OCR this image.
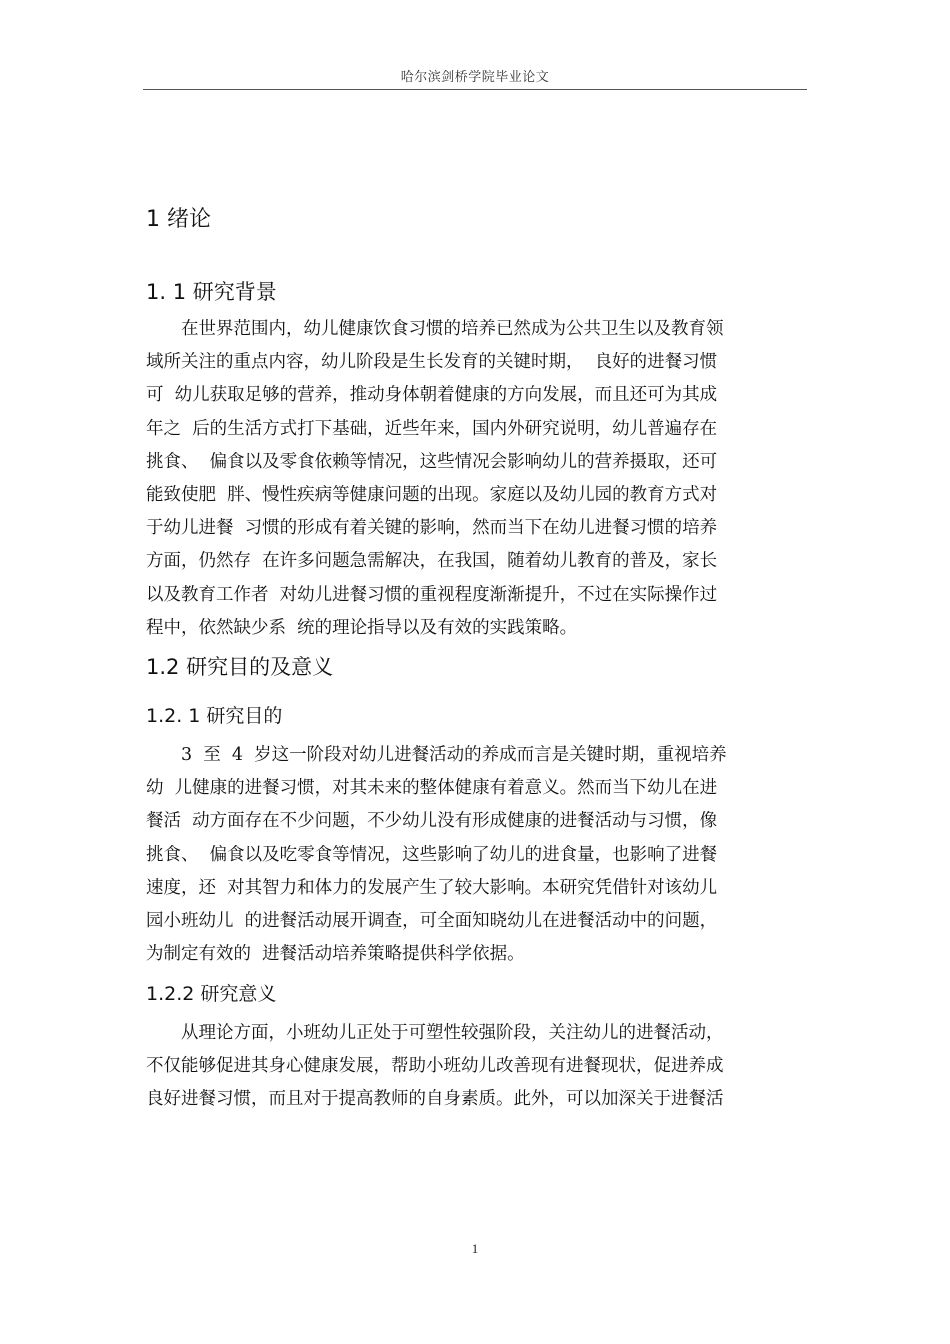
哈尔滨剑桥学院毕业论文
1 绪论
1. 1 研究背景
　　在世界范围内，幼儿健康饮食习惯的培养已然成为公共卫生以及教育领
域所关注的重点内容，幼儿阶段是生长发育的关键时期，  良好的进餐习惯
可  幼儿获取足够的营养，推动身体朝着健康的方向发展，而且还可为其成
年之  后的生活方式打下基础，近些年来，国内外研究说明，幼儿普遍存在
挑食、  偏食以及零食依赖等情况，这些情况会影响幼儿的营养摄取，还可
能致使肥  胖、慢性疾病等健康问题的出现。家庭以及幼儿园的教育方式对
于幼儿进餐  习惯的形成有着关键的影响，然而当下在幼儿进餐习惯的培养
方面，仍然存  在许多问题急需解决，在我国，随着幼儿教育的普及，家长
以及教育工作者  对幼儿进餐习惯的重视程度渐渐提升，不过在实际操作过
程中，依然缺少系  统的理论指导以及有效的实践策略。
1.2 研究目的及意义
1.2. 1 研究目的
　　3  至  4  岁这一阶段对幼儿进餐活动的养成而言是关键时期，重视培养
幼  儿健康的进餐习惯，对其未来的整体健康有着意义。然而当下幼儿在进
餐活  动方面存在不少问题，不少幼儿没有形成健康的进餐活动与习惯，像
挑食、  偏食以及吃零食等情况，这些影响了幼儿的进食量，也影响了进餐
速度，还  对其智力和体力的发展产生了较大影响。本研究凭借针对该幼儿
园小班幼儿  的进餐活动展开调查，可全面知晓幼儿在进餐活动中的问题，
为制定有效的  进餐活动培养策略提供科学依据。
1.2.2 研究意义
　　从理论方面，小班幼儿正处于可塑性较强阶段，关注幼儿的进餐活动，
不仅能够促进其身心健康发展，帮助小班幼儿改善现有进餐现状，促进养成
良好进餐习惯，而且对于提高教师的自身素质。此外，可以加深关于进餐活
1
